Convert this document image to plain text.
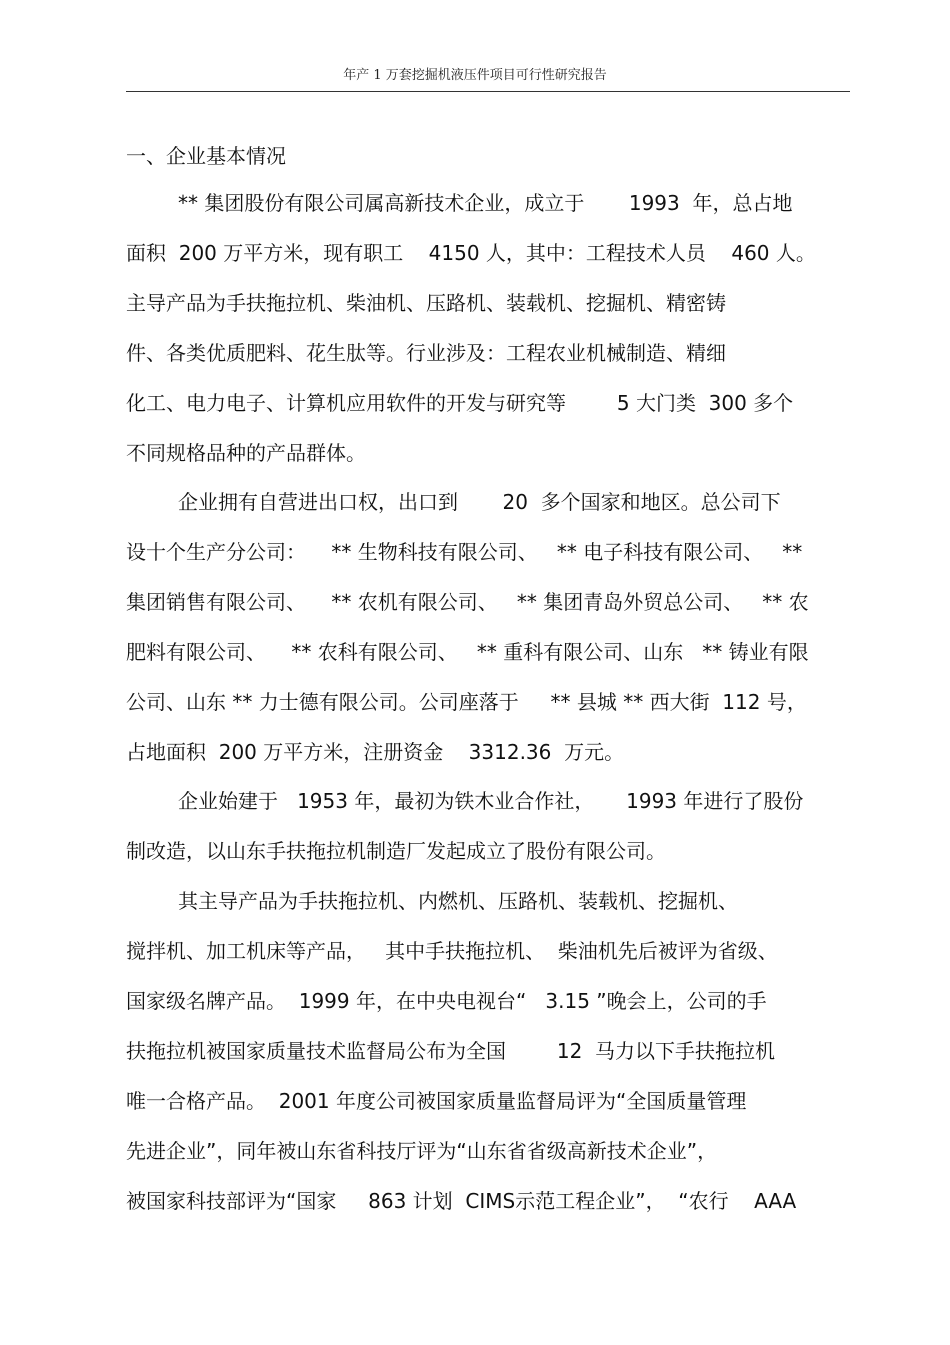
年产 1 万套挖掘机液压件项目可行性研究报告
一、企业基本情况
** 集团股份有限公司属高新技术企业，成立于       1993  年，总占地
面积  200 万平方米，现有职工    4150 人，其中：工程技术人员    460 人。
主导产品为手扶拖拉机、柴油机、压路机、装载机、挖掘机、精密铸
件、各类优质肥料、花生肽等。行业涉及：工程农业机械制造、精细
化工、电力电子、计算机应用软件的开发与研究等        5 大门类  300 多个
不同规格品种的产品群体。
企业拥有自营进出口权，出口到       20  多个国家和地区。总公司下
设十个生产分公司：    ** 生物科技有限公司、   ** 电子科技有限公司、   **
集团销售有限公司、    ** 农机有限公司、   ** 集团青岛外贸总公司、   ** 农
肥料有限公司、    ** 农科有限公司、   ** 重科有限公司、山东   ** 铸业有限
公司、山东 ** 力士德有限公司。公司座落于     ** 县城 ** 西大街  112 号，
占地面积  200 万平方米，注册资金    3312.36  万元。
企业始建于   1953 年，最初为铁木业合作社，     1993 年进行了股份
制改造，以山东手扶拖拉机制造厂发起成立了股份有限公司。
其主导产品为手扶拖拉机、内燃机、压路机、装载机、挖掘机、
搅拌机、加工机床等产品，   其中手扶拖拉机、  柴油机先后被评为省级、
国家级名牌产品。  1999 年，在中央电视台“   3.15 ”晚会上，公司的手
扶拖拉机被国家质量技术监督局公布为全国        12  马力以下手扶拖拉机
唯一合格产品。  2001 年度公司被国家质量监督局评为“全国质量管理
先进企业”，同年被山东省科技厅评为“山东省省级高新技术企业”，
被国家科技部评为“国家     863 计划  CIMS示范工程企业”，  “农行    AAA
